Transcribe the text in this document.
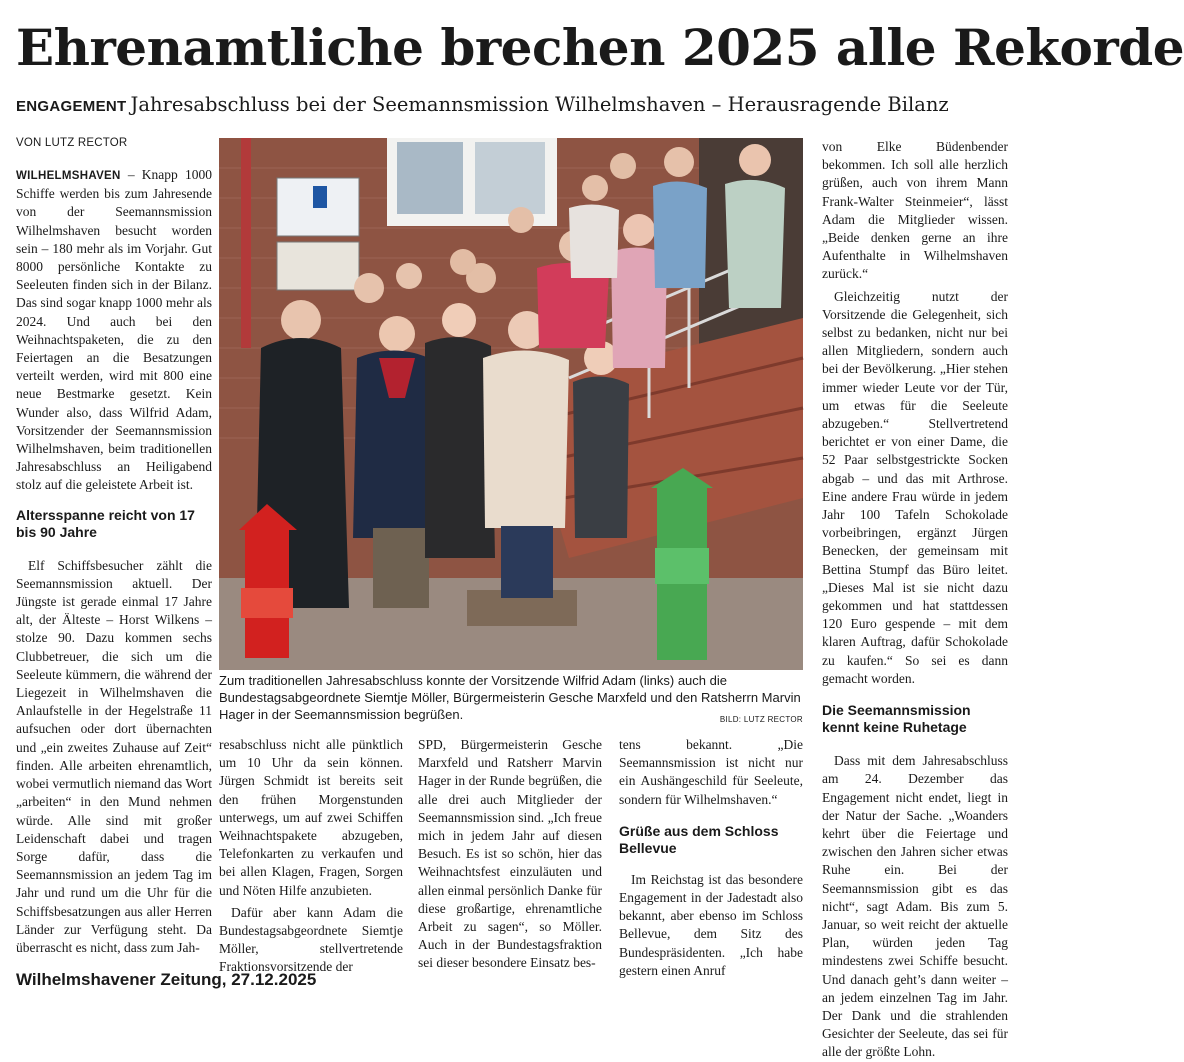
Ehrenamtliche brechen 2025 alle Rekorde
ENGAGEMENT Jahresabschluss bei der Seemannsmission Wilhelmshaven – Herausragende Bilanz
VON LUTZ RECTOR

WILHELMSHAVEN – Knapp 1000 Schiffe werden bis zum Jahresende von der Seemannsmission Wilhelmshaven besucht worden sein – 180 mehr als im Vorjahr. Gut 8000 persönliche Kontakte zu Seeleuten finden sich in der Bilanz. Das sind sogar knapp 1000 mehr als 2024. Und auch bei den Weihnachtspaketen, die zu den Feiertagen an die Besatzungen verteilt werden, wird mit 800 eine neue Bestmarke gesetzt. Kein Wunder also, dass Wilfrid Adam, Vorsitzender der Seemannsmission Wilhelmshaven, beim traditionellen Jahresabschluss an Heiligabend stolz auf die geleistete Arbeit ist.

Altersspanne reicht von 17 bis 90 Jahre

Elf Schiffsbesucher zählt die Seemannsmission aktuell. Der Jüngste ist gerade einmal 17 Jahre alt, der Älteste – Horst Wilkens – stolze 90. Dazu kommen sechs Clubbetreuer, die sich um die Seeleute kümmern, die während der Liegezeit in Wilhelmshaven die Anlaufstelle in der Hegelstraße 11 aufsuchen oder dort übernachten und „ein zweites Zuhause auf Zeit“ finden. Alle arbeiten ehrenamtlich, wobei vermutlich niemand das Wort „arbeiten“ in den Mund nehmen würde. Alle sind mit großer Leidenschaft dabei und tragen Sorge dafür, dass die Seemannsmission an jedem Tag im Jahr und rund um die Uhr für die Schiffsbesatzungen aus aller Herren Länder zur Verfügung steht. Da überrascht es nicht, dass zum Jah-

Zum traditionellen Jahresabschluss konnte der Vorsitzende Wilfrid Adam (links) auch die Bundestagsabgeordnete Siemtje Möller, Bürgermeisterin Gesche Marxfeld und den Ratsherrn Marvin Hager in der Seemannsmission begrüßen.	BILD: LUTZ RECTOR

resabschluss nicht alle pünktlich um 10 Uhr da sein können. Jürgen Schmidt ist bereits seit den frühen Morgenstunden unterwegs, um auf zwei Schiffen Weihnachtspakete abzugeben, Telefonkarten zu verkaufen und bei allen Klagen, Fragen, Sorgen und Nöten Hilfe anzubieten.

Dafür aber kann Adam die Bundestagsabgeordnete Siemtje Möller, stellvertretende Fraktionsvorsitzende der

SPD, Bürgermeisterin Gesche Marxfeld und Ratsherr Marvin Hager in der Runde begrüßen, die alle drei auch Mitglieder der Seemannsmission sind. „Ich freue mich in jedem Jahr auf diesen Besuch. Es ist so schön, hier das Weihnachtsfest einzuläuten und allen einmal persönlich Danke für diese großartige, ehrenamtliche Arbeit zu sagen“, so Möller. Auch in der Bundestagsfraktion sei dieser besondere Einsatz bes-

tens bekannt. „Die Seemannsmission ist nicht nur ein Aushängeschild für Seeleute, sondern für Wilhelmshaven.“

Grüße aus dem Schloss Bellevue

Im Reichstag ist das besondere Engagement in der Jadestadt also bekannt, aber ebenso im Schloss Bellevue, dem Sitz des Bundespräsidenten. „Ich habe gestern einen Anruf

von Elke Büdenbender bekommen. Ich soll alle herzlich grüßen, auch von ihrem Mann Frank-Walter Steinmeier“, lässt Adam die Mitglieder wissen. „Beide denken gerne an ihre Aufenthalte in Wilhelmshaven zurück.“

Gleichzeitig nutzt der Vorsitzende die Gelegenheit, sich selbst zu bedanken, nicht nur bei allen Mitgliedern, sondern auch bei der Bevölkerung. „Hier stehen immer wieder Leute vor der Tür, um etwas für die Seeleute abzugeben.“ Stellvertretend berichtet er von einer Dame, die 52 Paar selbstgestrickte Socken abgab – und das mit Arthrose. Eine andere Frau würde in jedem Jahr 100 Tafeln Schokolade vorbeibringen, ergänzt Jürgen Benecken, der gemeinsam mit Bettina Stumpf das Büro leitet. „Dieses Mal ist sie nicht dazu gekommen und hat stattdessen 120 Euro gespende – mit dem klaren Auftrag, dafür Schokolade zu kaufen.“ So sei es dann gemacht worden.

Die Seemannsmission kennt keine Ruhetage

Dass mit dem Jahresabschluss am 24. Dezember das Engagement nicht endet, liegt in der Natur der Sache. „Woanders kehrt über die Feiertage und zwischen den Jahren sicher etwas Ruhe ein. Bei der Seemannsmission gibt es das nicht“, sagt Adam. Bis zum 5. Januar, so weit reicht der aktuelle Plan, würden jeden Tag mindestens zwei Schiffe besucht. Und danach geht’s dann weiter – an jedem einzelnen Tag im Jahr. Der Dank und die strahlenden Gesichter der Seeleute, das sei für alle der größte Lohn.

Wilhelmshavener Zeitung, 27.12.2025
